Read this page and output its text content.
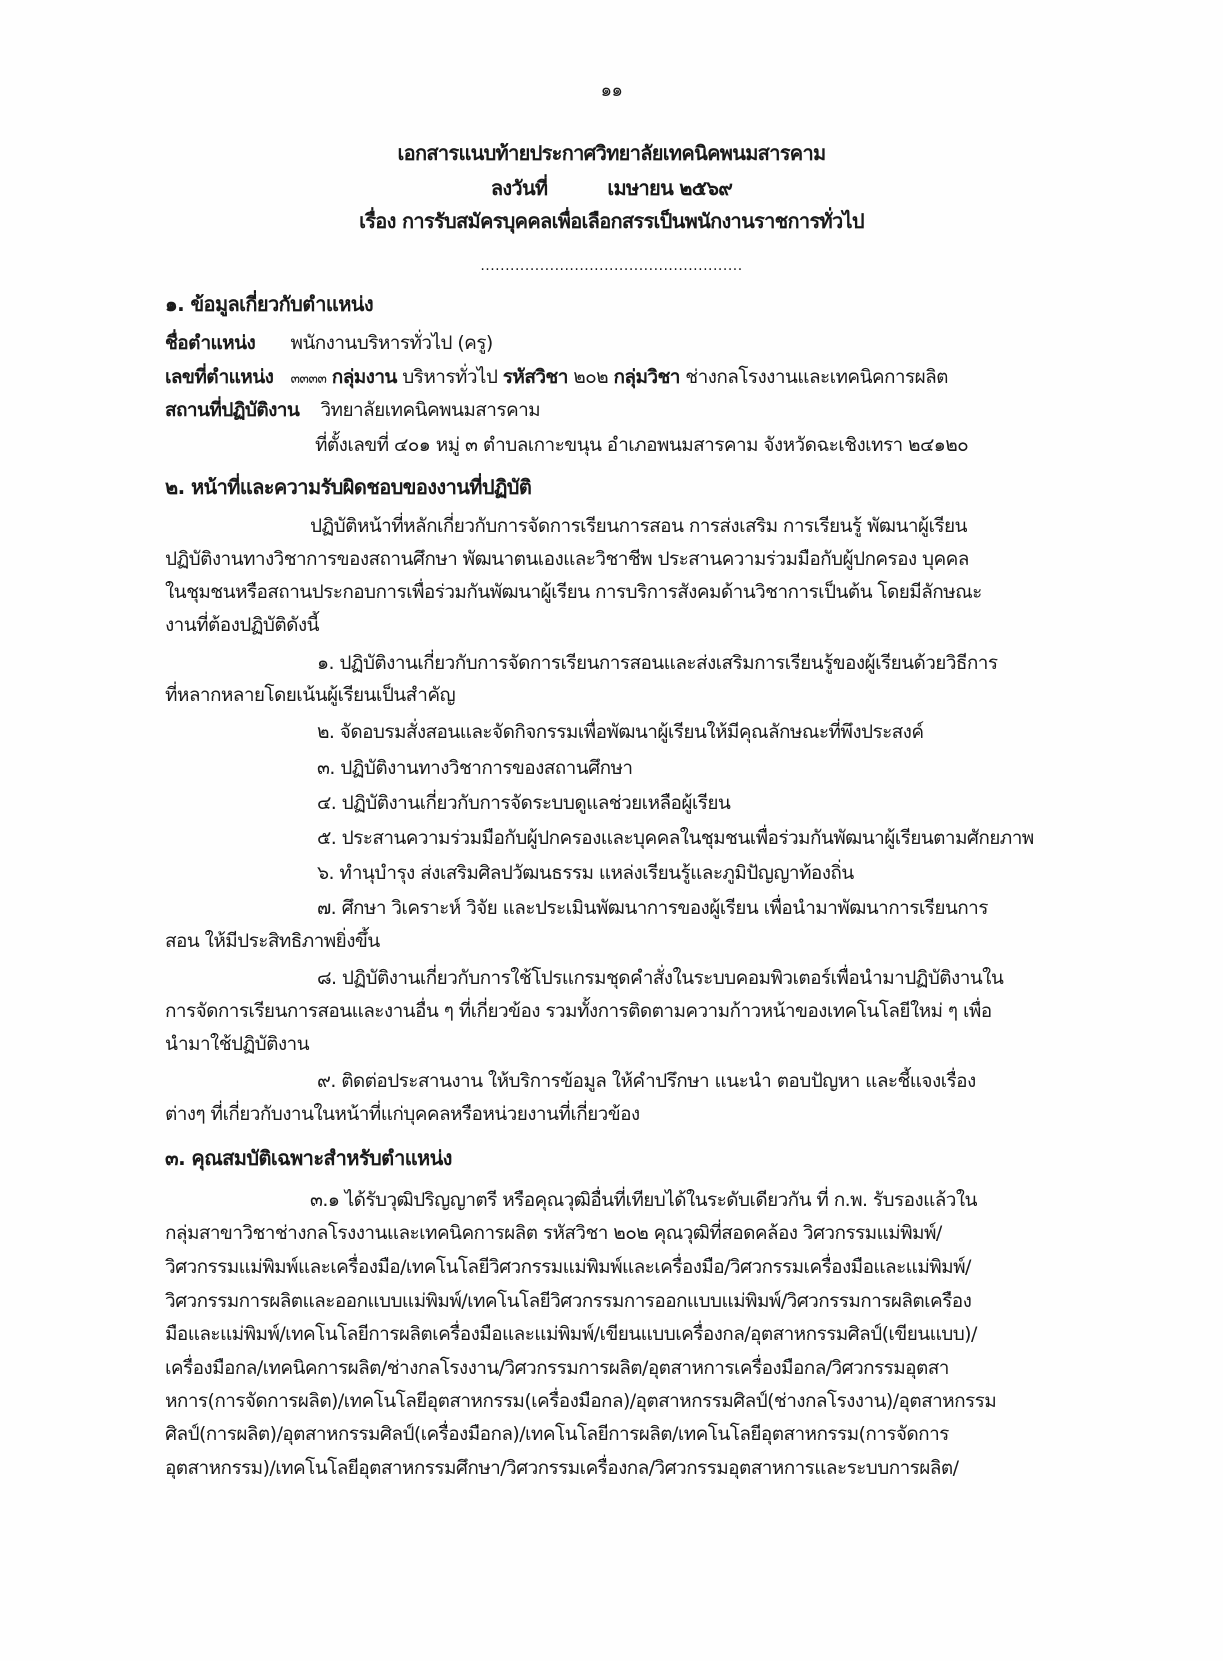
๑๑
เอกสารแนบท้ายประกาศวิทยาลัยเทคนิคพนมสารคาม
ลงวันที่	เมษายน ๒๕๖๙
เรื่อง การรับสมัครบุคคลเพื่อเลือกสรรเป็นพนักงานราชการทั่วไป
.....................................................
๑. ข้อมูลเกี่ยวกับตำแหน่ง
ชื่อตำแหน่ง พนักงานบริหารทั่วไป (ครู)
เลขที่ตำแหน่ง ๓๓๓๓ กลุ่มงาน บริหารทั่วไป รหัสวิชา ๒๐๒ กลุ่มวิชา ช่างกลโรงงานและเทคนิคการผลิต
สถานที่ปฏิบัติงาน วิทยาลัยเทคนิคพนมสารคาม
ที่ตั้งเลขที่ ๔๐๑ หมู่ ๓ ตำบลเกาะขนุน อำเภอพนมสารคาม จังหวัดฉะเชิงเทรา ๒๔๑๒๐
๒. หน้าที่และความรับผิดชอบของงานที่ปฏิบัติ
ปฏิบัติหน้าที่หลักเกี่ยวกับการจัดการเรียนการสอน การส่งเสริม การเรียนรู้ พัฒนาผู้เรียน
ปฏิบัติงานทางวิชาการของสถานศึกษา พัฒนาตนเองและวิชาชีพ ประสานความร่วมมือกับผู้ปกครอง บุคคล
ในชุมชนหรือสถานประกอบการเพื่อร่วมกันพัฒนาผู้เรียน การบริการสังคมด้านวิชาการเป็นต้น โดยมีลักษณะ
งานที่ต้องปฏิบัติดังนี้
๑. ปฏิบัติงานเกี่ยวกับการจัดการเรียนการสอนและส่งเสริมการเรียนรู้ของผู้เรียนด้วยวิธีการ
ที่หลากหลายโดยเน้นผู้เรียนเป็นสำคัญ
๒. จัดอบรมสั่งสอนและจัดกิจกรรมเพื่อพัฒนาผู้เรียนให้มีคุณลักษณะที่พึงประสงค์
๓. ปฏิบัติงานทางวิชาการของสถานศึกษา
๔. ปฏิบัติงานเกี่ยวกับการจัดระบบดูแลช่วยเหลือผู้เรียน
๕. ประสานความร่วมมือกับผู้ปกครองและบุคคลในชุมชนเพื่อร่วมกันพัฒนาผู้เรียนตามศักยภาพ
๖. ทำนุบำรุง ส่งเสริมศิลปวัฒนธรรม แหล่งเรียนรู้และภูมิปัญญาท้องถิ่น
๗. ศึกษา วิเคราะห์ วิจัย และประเมินพัฒนาการของผู้เรียน เพื่อนำมาพัฒนาการเรียนการ
สอน ให้มีประสิทธิภาพยิ่งขึ้น
๘. ปฏิบัติงานเกี่ยวกับการใช้โปรแกรมชุดคำสั่งในระบบคอมพิวเตอร์เพื่อนำมาปฏิบัติงานใน
การจัดการเรียนการสอนและงานอื่น ๆ ที่เกี่ยวข้อง รวมทั้งการติดตามความก้าวหน้าของเทคโนโลยีใหม่ ๆ เพื่อ
นำมาใช้ปฏิบัติงาน
๙. ติดต่อประสานงาน ให้บริการข้อมูล ให้คำปรึกษา แนะนำ ตอบปัญหา และชี้แจงเรื่อง
ต่างๆ ที่เกี่ยวกับงานในหน้าที่แก่บุคคลหรือหน่วยงานที่เกี่ยวข้อง
๓. คุณสมบัติเฉพาะสำหรับตำแหน่ง
๓.๑ ได้รับวุฒิปริญญาตรี หรือคุณวุฒิอื่นที่เทียบได้ในระดับเดียวกัน ที่ ก.พ. รับรองแล้วใน
กลุ่มสาขาวิชาช่างกลโรงงานและเทคนิคการผลิต รหัสวิชา ๒๐๒ คุณวุฒิที่สอดคล้อง วิศวกรรมแม่พิมพ์/
วิศวกรรมแม่พิมพ์และเครื่องมือ/เทคโนโลยีวิศวกรรมแม่พิมพ์และเครื่องมือ/วิศวกรรมเครื่องมือและแม่พิมพ์/
วิศวกรรมการผลิตและออกแบบแม่พิมพ์/เทคโนโลยีวิศวกรรมการออกแบบแม่พิมพ์/วิศวกรรมการผลิตเครือง
มือและแม่พิมพ์/เทคโนโลยีการผลิตเครื่องมือและแม่พิมพ์/เขียนแบบเครื่องกล/อุตสาหกรรมศิลป์(เขียนแบบ)/
เครื่องมือกล/เทคนิคการผลิต/ช่างกลโรงงาน/วิศวกรรมการผลิต/อุตสาหการเครื่องมือกล/วิศวกรรมอุตสา
หการ(การจัดการผลิต)/เทคโนโลยีอุตสาหกรรม(เครื่องมือกล)/อุตสาหกรรมศิลป์(ช่างกลโรงงาน)/อุตสาหกรรม
ศิลป์(การผลิต)/อุตสาหกรรมศิลป์(เครื่องมือกล)/เทคโนโลยีการผลิต/เทคโนโลยีอุตสาหกรรม(การจัดการ
อุตสาหกรรม)/เทคโนโลยีอุตสาหกรรมศึกษา/วิศวกรรมเครื่องกล/วิศวกรรมอุตสาหการและระบบการผลิต/
